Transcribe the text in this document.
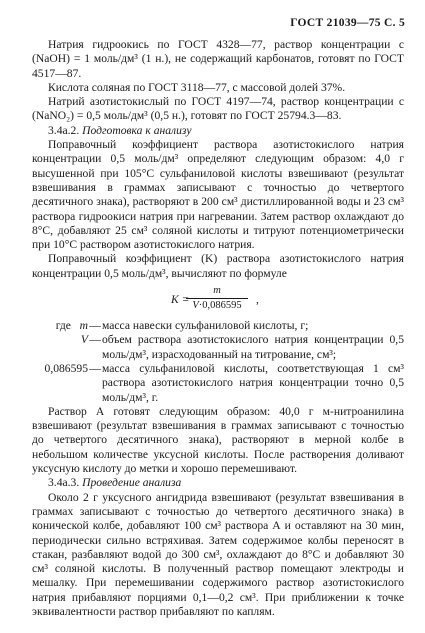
ГОСТ 21039—75 С. 5

Натрия гидроокись по ГОСТ 4328—77, раствор концентрации с (NaOH) = 1 моль/дм³ (1 н.), не содержащий карбонатов, готовят по ГОСТ 4517—87.

Кислота соляная по ГОСТ 3118—77, с массовой долей 37%.

Натрий азотистокислый по ГОСТ 4197—74, раствор концентрации с (NaNO₂) = 0,5 моль/дм³ (0,5 н.), готовят по ГОСТ 25794.3—83.

3.4а.2. Подготовка к анализу

Поправочный коэффициент раствора азотистокислого натрия концентрации 0,5 моль/дм³ определяют следующим образом: 4,0 г высушенной при 105°С сульфаниловой кислоты взвешивают (результат взвешивания в граммах записывают с точностью до четвертого десятичного знака), растворяют в 200 см³ дистиллированной воды и 23 см³ раствора гидроокиси натрия при нагревании. Затем раствор охлаждают до 8°С, добавляют 25 см³ соляной кислоты и титруют потенциометрически при 10°С раствором азотистокислого натрия.

Поправочный коэффициент (K) раствора азотистокислого натрия концентрации 0,5 моль/дм³, вычисляют по формуле

K =
m
V·0,086595	,
где m — масса навески сульфаниловой кислоты, г;
V — объем раствора азотистокислого натрия концентрации 0,5 моль/дм³, израсходованный на титрование, см³;
0,086595 — масса сульфаниловой кислоты, соответствующая 1 см³ раствора азотистокислого натрия концентрации точно 0,5 моль/дм³, г.

Раствор А готовят следующим образом: 40,0 г м-нитроанилина взвешивают (результат взвешивания в граммах записывают с точностью до четвертого десятичного знака), растворяют в мерной колбе в небольшом количестве уксусной кислоты. После растворения доливают уксусную кислоту до метки и хорошо перемешивают.

3.4а.3. Проведение анализа

Около 2 г уксусного ангидрида взвешивают (результат взвешивания в граммах записывают с точностью до четвертого десятичного знака) в конической колбе, добавляют 100 см³ раствора А и оставляют на 30 мин, периодически сильно встряхивая. Затем содержимое колбы переносят в стакан, разбавляют водой до 300 см³, охлаждают до 8°С и добавляют 30 см³ соляной кислоты. В полученный раствор помещают электроды и мешалку. При перемешивании содержимого раствор азотистокислого натрия прибавляют порциями 0,1—0,2 см³. При приближении к точке эквивалентности раствор прибавляют по каплям.
